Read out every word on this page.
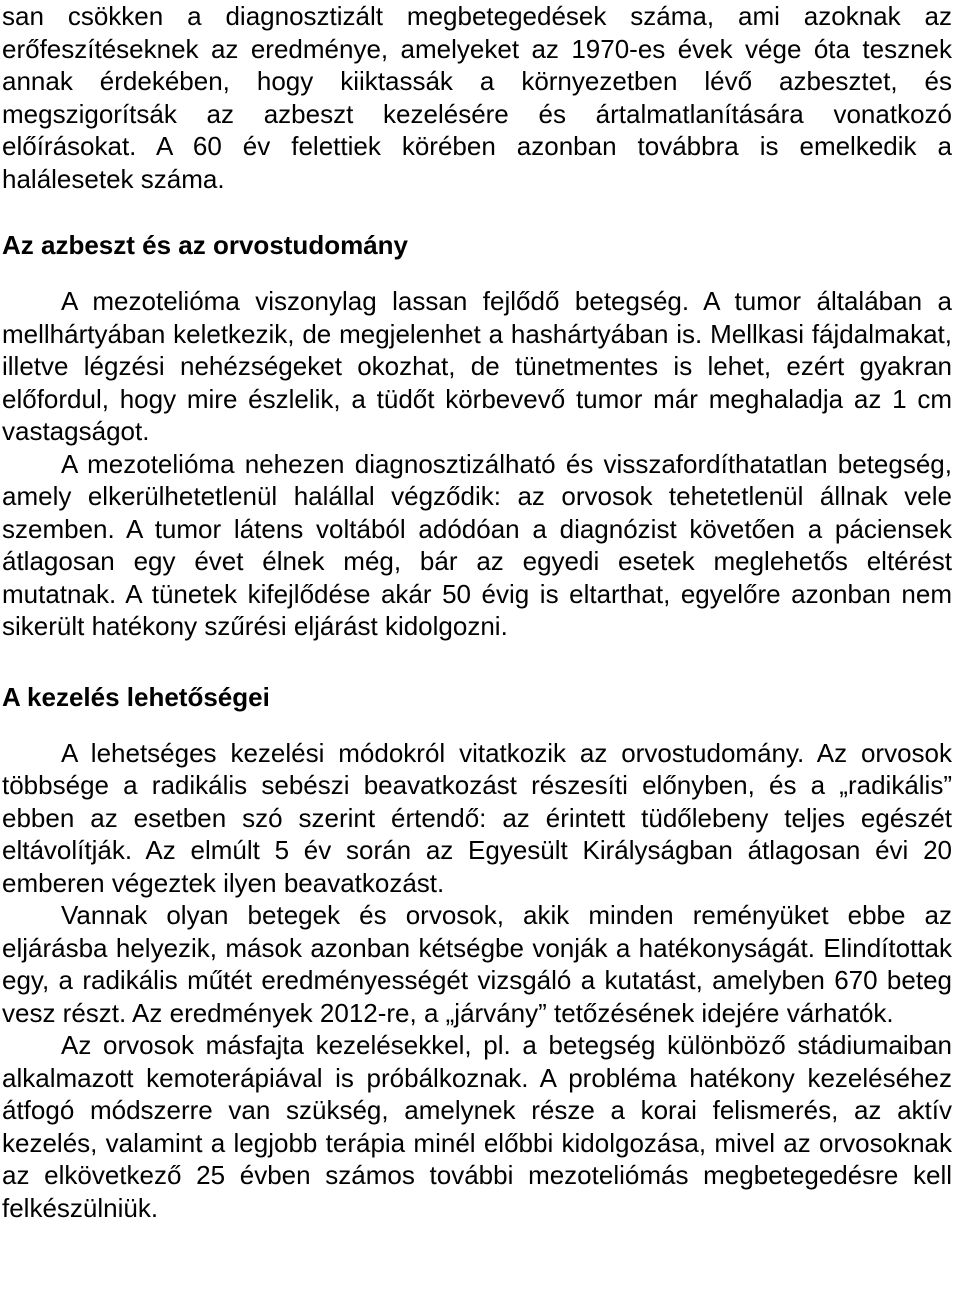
san csökken a diagnosztizált megbetegedések száma, ami azoknak az erőfeszítéseknek az eredménye, amelyeket az 1970-es évek vége óta tesznek annak érdekében, hogy kiiktassák a környezetben lévő azbesztet, és megszigorítsák az azbeszt kezelésére és ártalmatlanítására vonatkozó előírásokat. A 60 év felettiek körében azonban továbbra is emelkedik a halálesetek száma.

Az azbeszt és az orvostudomány

A mezotelióma viszonylag lassan fejlődő betegség. A tumor általában a mellhártyában keletkezik, de megjelenhet a hashártyában is. Mellkasi fájdalmakat, illetve légzési nehézségeket okozhat, de tünetmentes is lehet, ezért gyakran előfordul, hogy mire észlelik, a tüdőt körbevevő tumor már meghaladja az 1 cm vastagságot.

A mezotelióma nehezen diagnosztizálható és visszafordíthatatlan betegség, amely elkerülhetetlenül halállal végződik: az orvosok tehetetlenül állnak vele szemben. A tumor látens voltából adódóan a diagnózist követően a páciensek átlagosan egy évet élnek még, bár az egyedi esetek meglehetős eltérést mutatnak. A tünetek kifejlődése akár 50 évig is eltarthat, egyelőre azonban nem sikerült hatékony szűrési eljárást kidolgozni.

A kezelés lehetőségei

A lehetséges kezelési módokról vitatkozik az orvostudomány. Az orvosok többsége a radikális sebészi beavatkozást részesíti előnyben, és a „radikális” ebben az esetben szó szerint értendő: az érintett tüdőlebeny teljes egészét eltávolítják. Az elmúlt 5 év során az Egyesült Királyságban átlagosan évi 20 emberen végeztek ilyen beavatkozást.

Vannak olyan betegek és orvosok, akik minden reményüket ebbe az eljárásba helyezik, mások azonban kétségbe vonják a hatékonyságát. Elindítottak egy, a radikális műtét eredményességét vizsgáló a kutatást, amelyben 670 beteg vesz részt. Az eredmények 2012-re, a „járvány” tetőzésének idejére várhatók.

Az orvosok másfajta kezelésekkel, pl. a betegség különböző stádiumaiban alkalmazott kemoterápiával is próbálkoznak. A probléma hatékony kezeléséhez átfogó módszerre van szükség, amelynek része a korai felismerés, az aktív kezelés, valamint a legjobb terápia minél előbbi kidolgozása, mivel az orvosoknak az elkövetkező 25 évben számos további mezoteliómás megbetegedésre kell felkészülniük.
